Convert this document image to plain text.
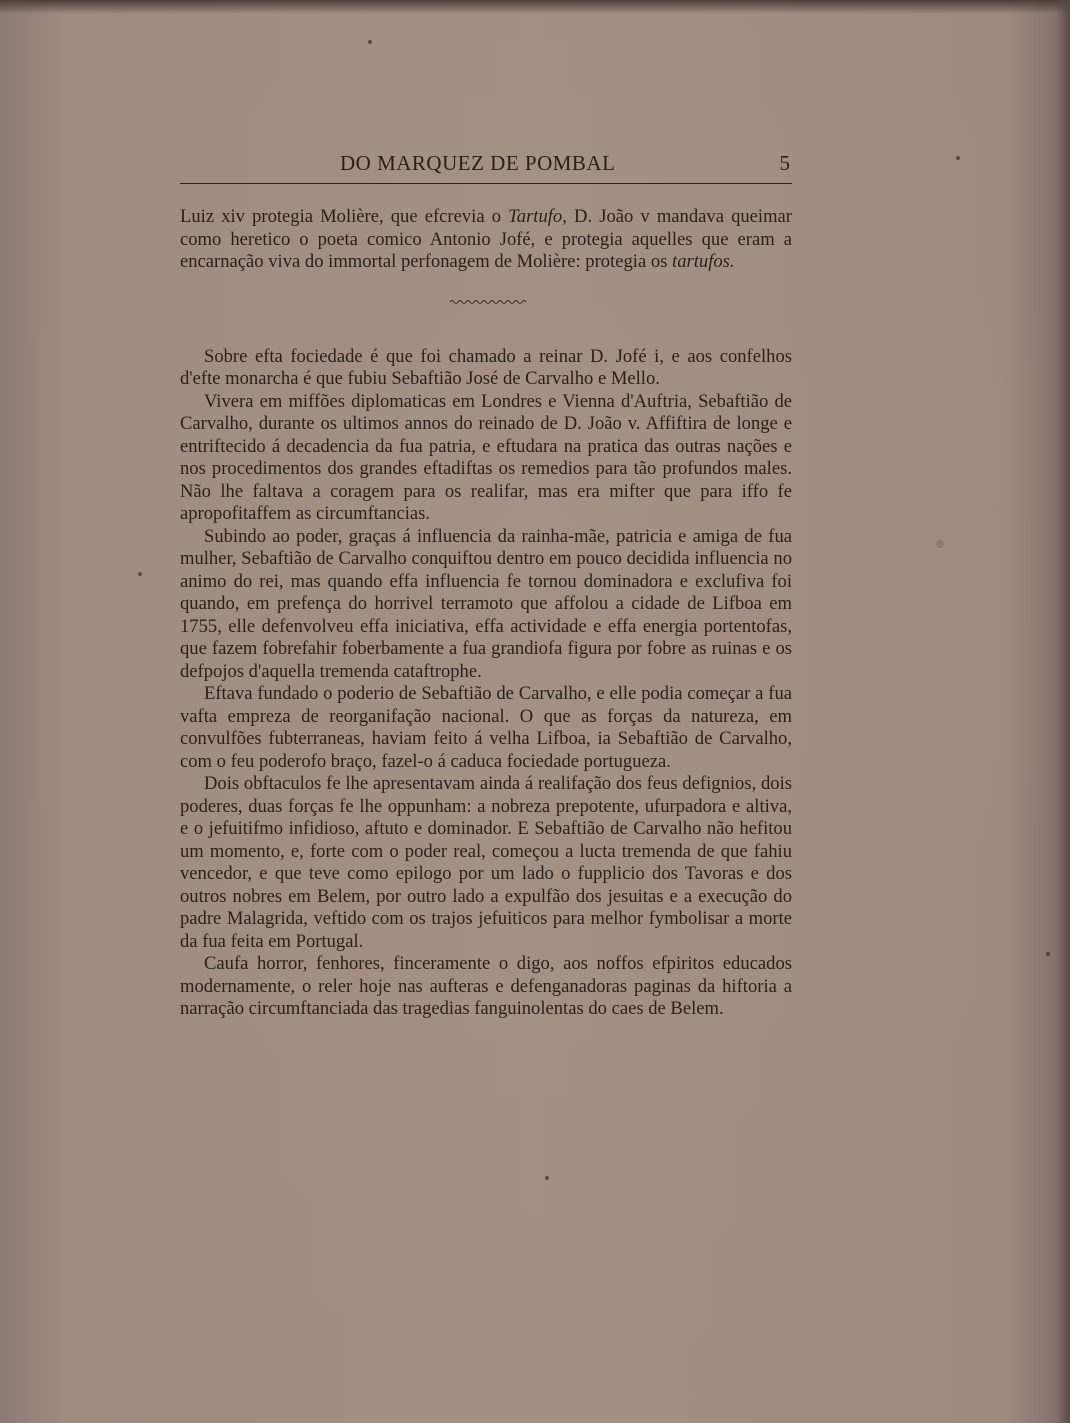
DO MARQUEZ DE POMBAL	5

Luiz xiv protegia Molière, que efcrevia o Tartufo, D. João v mandava queimar como heretico o poeta comico Antonio Jofé, e protegia aquelles que eram a encarnação viva do immortal perfonagem de Molière: protegia os tartufos.

Sobre efta fociedade é que foi chamado a reinar D. Jofé i, e aos confelhos d'efte monarcha é que fubiu Sebaftião José de Carvalho e Mello.

Vivera em miffões diplomaticas em Londres e Vienna d'Auftria, Sebaftião de Carvalho, durante os ultimos annos do reinado de D. João v. Affiftira de longe e entriftecido á decadencia da fua patria, e eftudara na pratica das outras nações e nos procedimentos dos grandes eftadiftas os remedios para tão profundos males. Não lhe faltava a coragem para os realifar, mas era mifter que para iffo fe apropofitaffem as circumftancias.

Subindo ao poder, graças á influencia da rainha-mãe, patricia e amiga de fua mulher, Sebaftião de Carvalho conquiftou dentro em pouco decidida influencia no animo do rei, mas quando effa influencia fe tornou dominadora e exclufiva foi quando, em prefença do horrivel terramoto que affolou a cidade de Lifboa em 1755, elle defenvolveu effa iniciativa, effa actividade e effa energia portentofas, que fazem fobrefahir foberbamente a fua grandiofa figura por fobre as ruinas e os defpojos d'aquella tremenda cataftrophe.

Eftava fundado o poderio de Sebaftião de Carvalho, e elle podia começar a fua vafta empreza de reorganifação nacional. O que as forças da natureza, em convulfões fubterraneas, haviam feito á velha Lifboa, ia Sebaftião de Carvalho, com o feu poderofo braço, fazel-o á caduca fociedade portugueza.

Dois obftaculos fe lhe apresentavam ainda á realifação dos feus defignios, dois poderes, duas forças fe lhe oppunham: a nobreza prepotente, ufurpadora e altiva, e o jefuitifmo infidioso, aftuto e dominador. E Sebaftião de Carvalho não hefitou um momento, e, forte com o poder real, começou a lucta tremenda de que fahiu vencedor, e que teve como epilogo por um lado o fupplicio dos Tavoras e dos outros nobres em Belem, por outro lado a expulfão dos jesuitas e a execução do padre Malagrida, veftido com os trajos jefuiticos para melhor fymbolisar a morte da fua feita em Portugal.

Caufa horror, fenhores, finceramente o digo, aos noffos efpiritos educados modernamente, o reler hoje nas aufteras e defenganadoras paginas da hiftoria a narração circumftanciada das tragedias fanguinolentas do caes de Belem.
